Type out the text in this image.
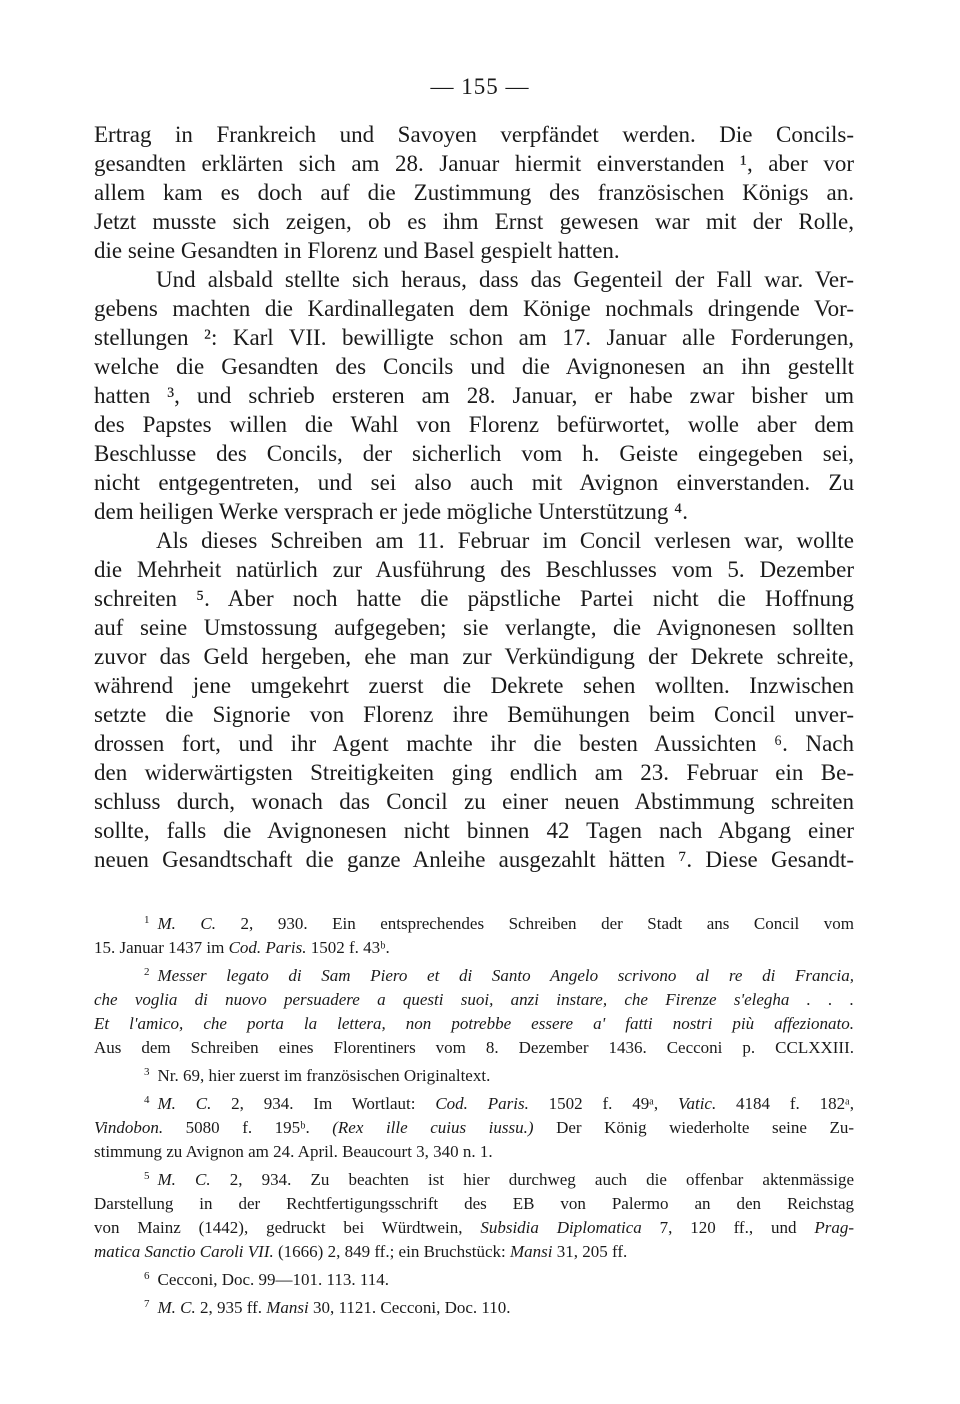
— 155 —

Ertrag in Frankreich und Savoyen verpfändet werden. Die Concils-
gesandten erklärten sich am 28. Januar hiermit einverstanden ¹, aber vor
allem kam es doch auf die Zustimmung des französischen Königs an.
Jetzt musste sich zeigen, ob es ihm Ernst gewesen war mit der Rolle,
die seine Gesandten in Florenz und Basel gespielt hatten.

Und alsbald stellte sich heraus, dass das Gegenteil der Fall war. Ver-
gebens machten die Kardinallegaten dem Könige nochmals dringende Vor-
stellungen ²: Karl VII. bewilligte schon am 17. Januar alle Forderungen,
welche die Gesandten des Concils und die Avignonesen an ihn gestellt
hatten ³, und schrieb ersteren am 28. Januar, er habe zwar bisher um
des Papstes willen die Wahl von Florenz befürwortet, wolle aber dem
Beschlusse des Concils, der sicherlich vom h. Geiste eingegeben sei,
nicht entgegentreten, und sei also auch mit Avignon einverstanden. Zu
dem heiligen Werke versprach er jede mögliche Unterstützung ⁴.

Als dieses Schreiben am 11. Februar im Concil verlesen war, wollte
die Mehrheit natürlich zur Ausführung des Beschlusses vom 5. Dezember
schreiten ⁵. Aber noch hatte die päpstliche Partei nicht die Hoffnung
auf seine Umstossung aufgegeben; sie verlangte, die Avignonesen sollten
zuvor das Geld hergeben, ehe man zur Verkündigung der Dekrete schreite,
während jene umgekehrt zuerst die Dekrete sehen wollten. Inzwischen
setzte die Signorie von Florenz ihre Bemühungen beim Concil unver-
drossen fort, und ihr Agent machte ihr die besten Aussichten ⁶. Nach
den widerwärtigsten Streitigkeiten ging endlich am 23. Februar ein Be-
schluss durch, wonach das Concil zu einer neuen Abstimmung schreiten
sollte, falls die Avignonesen nicht binnen 42 Tagen nach Abgang einer
neuen Gesandtschaft die ganze Anleihe ausgezahlt hätten ⁷. Diese Gesandt-

$^1$ M. C. 2, 930. Ein entsprechendes Schreiben der Stadt ans Concil vom
15. Januar 1437 im Cod. Paris. 1502 f. 43ᵇ.
$^2$ Messer legato di Sam Piero et di Santo Angelo scrivono al re di Francia,
che voglia di nuovo persuadere a questi suoi, anzi instare, che Firenze s'elegha . . .
Et l'amico, che porta la lettera, non potrebbe essere a' fatti nostri più affezionato.
Aus dem Schreiben eines Florentiners vom 8. Dezember 1436. Cecconi p. CCLXXIII.
$^3$ Nr. 69, hier zuerst im französischen Originaltext.
$^4$ M. C. 2, 934. Im Wortlaut: Cod. Paris. 1502 f. 49ᵃ, Vatic. 4184 f. 182ᵃ,
Vindobon. 5080 f. 195ᵇ. (Rex ille cuius iussu.) Der König wiederholte seine Zu-
stimmung zu Avignon am 24. April. Beaucourt 3, 340 n. 1.
$^5$ M. C. 2, 934. Zu beachten ist hier durchweg auch die offenbar aktenmässige
Darstellung in der Rechtfertigungsschrift des EB von Palermo an den Reichstag
von Mainz (1442), gedruckt bei Würdtwein, Subsidia Diplomatica 7, 120 ff., und Prag-
matica Sanctio Caroli VII. (1666) 2, 849 ff.; ein Bruchstück: Mansi 31, 205 ff.
$^6$ Cecconi, Doc. 99—101. 113. 114.
$^7$ M. C. 2, 935 ff. Mansi 30, 1121. Cecconi, Doc. 110.
